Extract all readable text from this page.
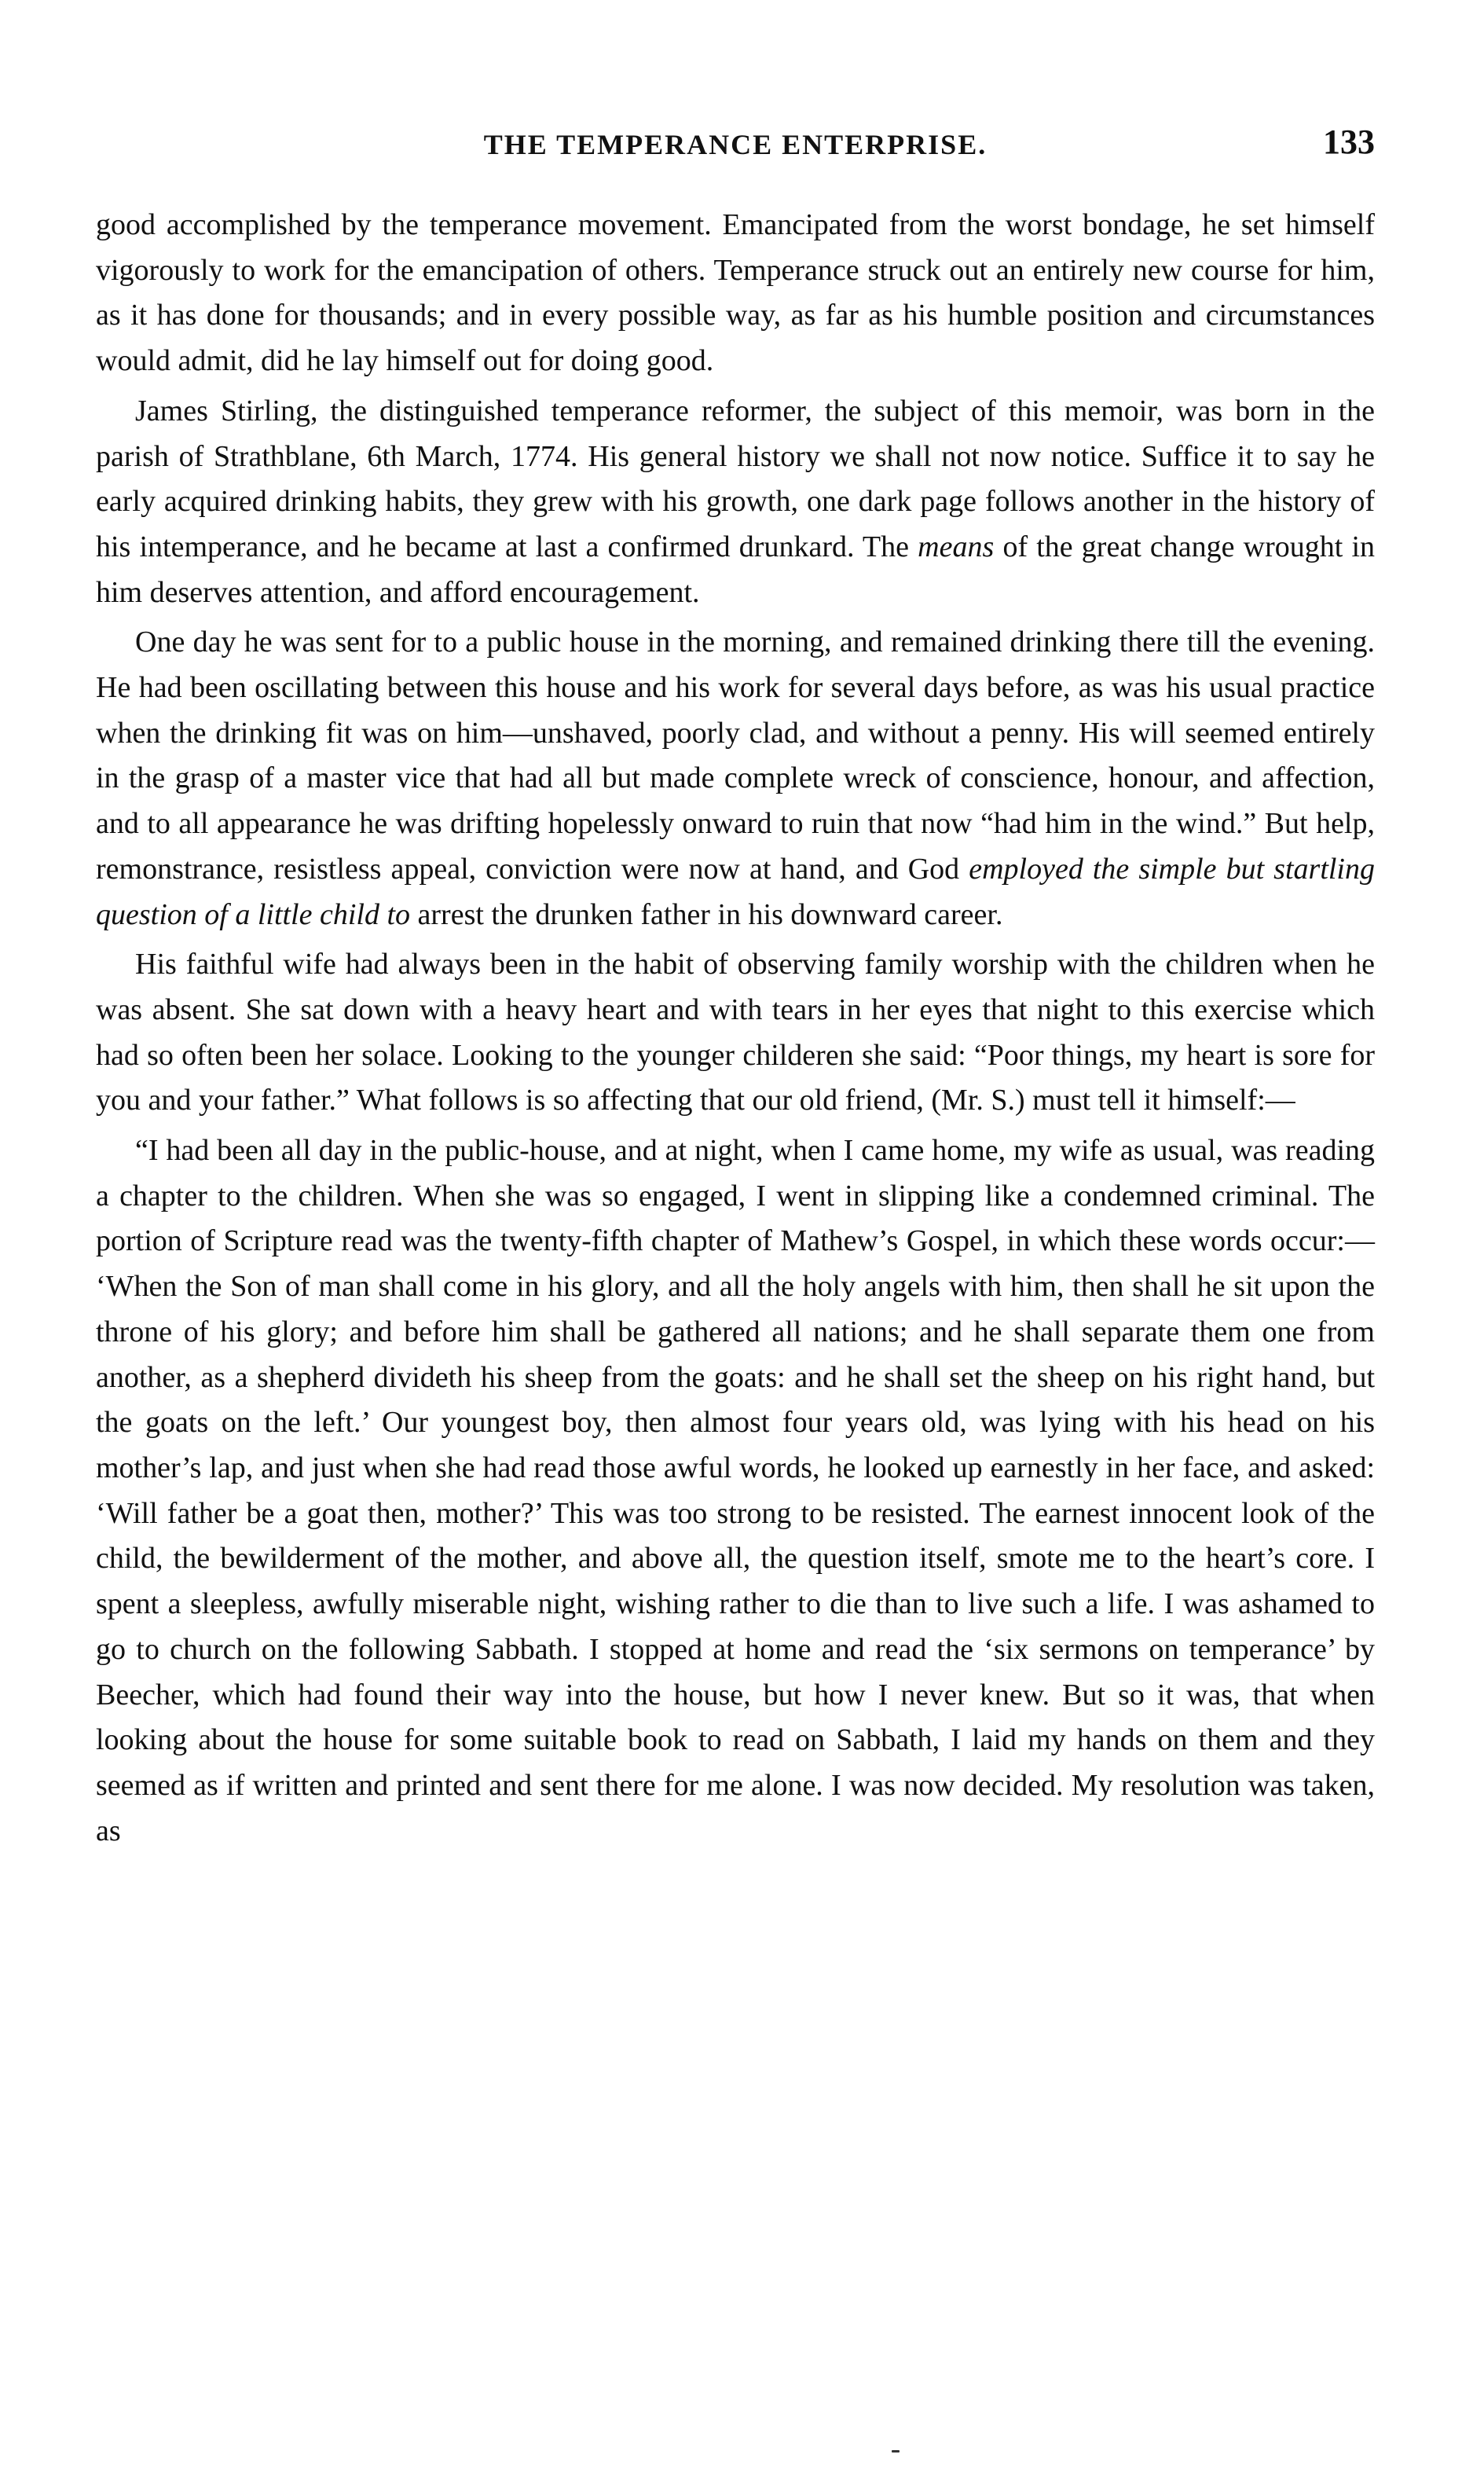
THE TEMPERANCE ENTERPRISE.	133

good accomplished by the temperance movement. Emancipated from the worst bondage, he set himself vigorously to work for the emancipation of others. Temperance struck out an entirely new course for him, as it has done for thousands; and in every possible way, as far as his humble position and circumstances would admit, did he lay himself out for doing good.

James Stirling, the distinguished temperance reformer, the subject of this memoir, was born in the parish of Strathblane, 6th March, 1774. His general history we shall not now notice. Suffice it to say he early acquired drinking habits, they grew with his growth, one dark page follows another in the history of his intemperance, and he became at last a confirmed drunkard. The means of the great change wrought in him deserves attention, and afford encouragement.

One day he was sent for to a public house in the morning, and remained drinking there till the evening. He had been oscillating between this house and his work for several days before, as was his usual practice when the drinking fit was on him—unshaved, poorly clad, and without a penny. His will seemed entirely in the grasp of a master vice that had all but made complete wreck of conscience, honour, and affection, and to all appearance he was drifting hopelessly onward to ruin that now “had him in the wind.” But help, remonstrance, resistless appeal, conviction were now at hand, and God employed the simple but startling question of a little child to arrest the drunken father in his downward career.

His faithful wife had always been in the habit of observing family worship with the children when he was absent. She sat down with a heavy heart and with tears in her eyes that night to this exercise which had so often been her solace. Looking to the younger childeren she said: “Poor things, my heart is sore for you and your father.” What follows is so affecting that our old friend, (Mr. S.) must tell it himself:—

“I had been all day in the public-house, and at night, when I came home, my wife as usual, was reading a chapter to the children. When she was so engaged, I went in slipping like a condemned criminal. The portion of Scripture read was the twenty-fifth chapter of Mathew’s Gospel, in which these words occur:— ‘When the Son of man shall come in his glory, and all the holy angels with him, then shall he sit upon the throne of his glory; and before him shall be gathered all nations; and he shall separate them one from another, as a shepherd divideth his sheep from the goats: and he shall set the sheep on his right hand, but the goats on the left.’ Our youngest boy, then almost four years old, was lying with his head on his mother’s lap, and just when she had read those awful words, he looked up earnestly in her face, and asked: ‘Will father be a goat then, mother?’ This was too strong to be resisted. The earnest innocent look of the child, the bewilderment of the mother, and above all, the question itself, smote me to the heart’s core. I spent a sleepless, awfully miserable night, wishing rather to die than to live such a life. I was ashamed to go to church on the following Sabbath. I stopped at home and read the ‘six sermons on temperance’ by Beecher, which had found their way into the house, but how I never knew. But so it was, that when looking about the house for some suitable book to read on Sabbath, I laid my hands on them and they seemed as if written and printed and sent there for me alone. I was now decided. My resolution was taken, as
